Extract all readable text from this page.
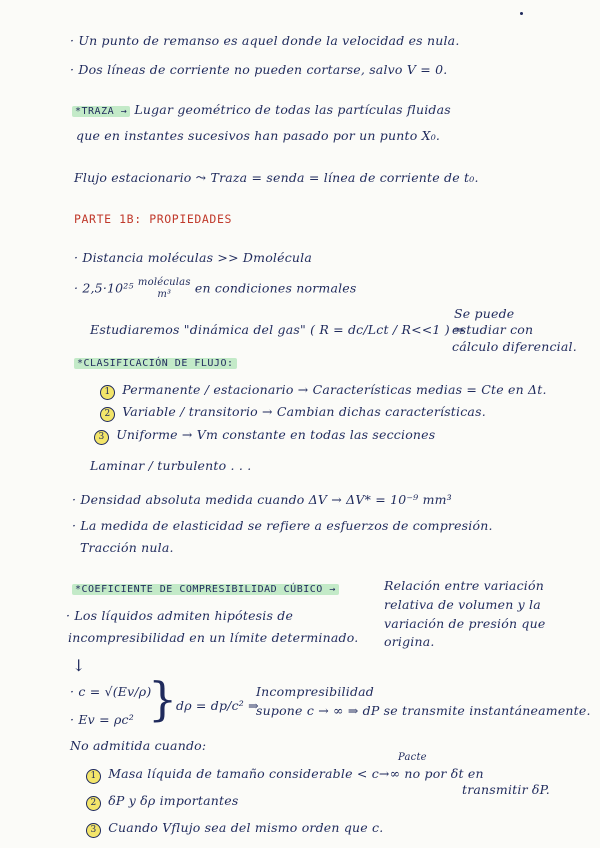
· Un punto de remanso es aquel donde la velocidad es nula.
· Dos líneas de corriente no pueden cortarse, salvo V = 0.
*TRAZA → Lugar geométrico de todas las partículas fluidas
que en instantes sucesivos han pasado por un punto X₀.
Flujo estacionario ⤳ Traza = senda = línea de corriente de t₀.
PARTE 1B: PROPIEDADES
· Distancia moléculas >> Dmolécula
· 2,5·10²⁵ moléculas
m³ en condiciones normales
Estudiaremos "dinámica del gas" ( R = dc/Lct / R<<1 ) ⇒
Se puede
estudiar con
cálculo diferencial.
*CLASIFICACIÓN DE FLUJO:
1 Permanente / estacionario → Características medias = Cte en Δt.
2 Variable / transitorio → Cambian dichas características.
3 Uniforme → Vm constante en todas las secciones
Laminar / turbulento . . .
· Densidad absoluta medida cuando ΔV → ΔV* = 10⁻⁹ mm³
· La medida de elasticidad se refiere a esfuerzos de compresión.
Tracción nula.
*COEFICIENTE DE COMPRESIBILIDAD CÚBICO →	Relación entre variación
relativa de volumen y la
variación de presión que
origina.
· Los líquidos admiten hipótesis de
incompresibilidad en un límite determinado.
↓
· c = √(Ev/ρ)
· Ev = ρc² }
dρ = dp/c² ⇒
Incompresibilidad
supone c → ∞ ⇒ dP se transmite instantáneamente.
No admitida cuando:
Pacte
1 Masa líquida de tamaño considerable < c→∞ no por δt en
transmitir δP.
2 δP y δρ importantes
3 Cuando Vflujo sea del mismo orden que c.
